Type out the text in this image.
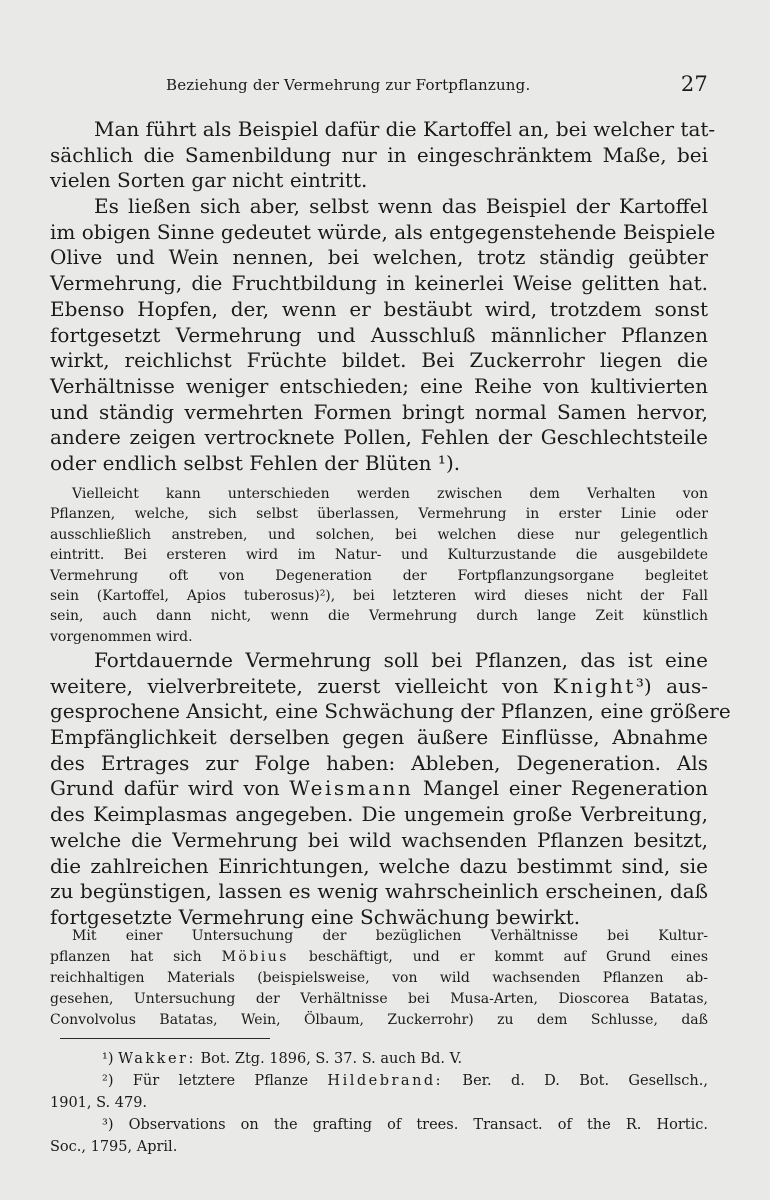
Beziehung der Vermehrung zur Fortpflanzung.	27
Man führt als Beispiel dafür die Kartoffel an, bei welcher tat-
sächlich die Samenbildung nur in eingeschränktem Maße, bei
vielen Sorten gar nicht eintritt.
Es ließen sich aber, selbst wenn das Beispiel der Kartoffel
im obigen Sinne gedeutet würde, als entgegenstehende Beispiele
Olive und Wein nennen, bei welchen, trotz ständig geübter
Vermehrung, die Fruchtbildung in keinerlei Weise gelitten hat.
Ebenso Hopfen, der, wenn er bestäubt wird, trotzdem sonst
fortgesetzt Vermehrung und Ausschluß männlicher Pflanzen
wirkt, reichlichst Früchte bildet. Bei Zuckerrohr liegen die
Verhältnisse weniger entschieden; eine Reihe von kultivierten
und ständig vermehrten Formen bringt normal Samen hervor,
andere zeigen vertrocknete Pollen, Fehlen der Geschlechtsteile
oder endlich selbst Fehlen der Blüten ¹).
Vielleicht kann unterschieden werden zwischen dem Verhalten von
Pflanzen, welche, sich selbst überlassen, Vermehrung in erster Linie oder
ausschließlich anstreben, und solchen, bei welchen diese nur gelegentlich
eintritt. Bei ersteren wird im Natur- und Kulturzustande die ausgebildete
Vermehrung oft von Degeneration der Fortpflanzungsorgane begleitet
sein (Kartoffel, Apios tuberosus)²), bei letzteren wird dieses nicht der Fall
sein, auch dann nicht, wenn die Vermehrung durch lange Zeit künstlich
vorgenommen wird.
Fortdauernde Vermehrung soll bei Pflanzen, das ist eine
weitere, vielverbreitete, zuerst vielleicht von Knight³) aus-
gesprochene Ansicht, eine Schwächung der Pflanzen, eine größere
Empfänglichkeit derselben gegen äußere Einflüsse, Abnahme
des Ertrages zur Folge haben: Ableben, Degeneration. Als
Grund dafür wird von Weismann Mangel einer Regeneration
des Keimplasmas angegeben. Die ungemein große Verbreitung,
welche die Vermehrung bei wild wachsenden Pflanzen besitzt,
die zahlreichen Einrichtungen, welche dazu bestimmt sind, sie
zu begünstigen, lassen es wenig wahrscheinlich erscheinen, daß
fortgesetzte Vermehrung eine Schwächung bewirkt.
Mit einer Untersuchung der bezüglichen Verhältnisse bei Kultur-
pflanzen hat sich Möbius beschäftigt, und er kommt auf Grund eines
reichhaltigen Materials (beispielsweise, von wild wachsenden Pflanzen ab-
gesehen, Untersuchung der Verhältnisse bei Musa-Arten, Dioscorea Batatas,
Convolvolus Batatas, Wein, Ölbaum, Zuckerrohr) zu dem Schlusse, daß
¹) Wakker: Bot. Ztg. 1896, S. 37. S. auch Bd. V.
²) Für letztere Pflanze Hildebrand: Ber. d. D. Bot. Gesellsch.,
1901, S. 479.
³) Observations on the grafting of trees. Transact. of the R. Hortic.
Soc., 1795, April.
